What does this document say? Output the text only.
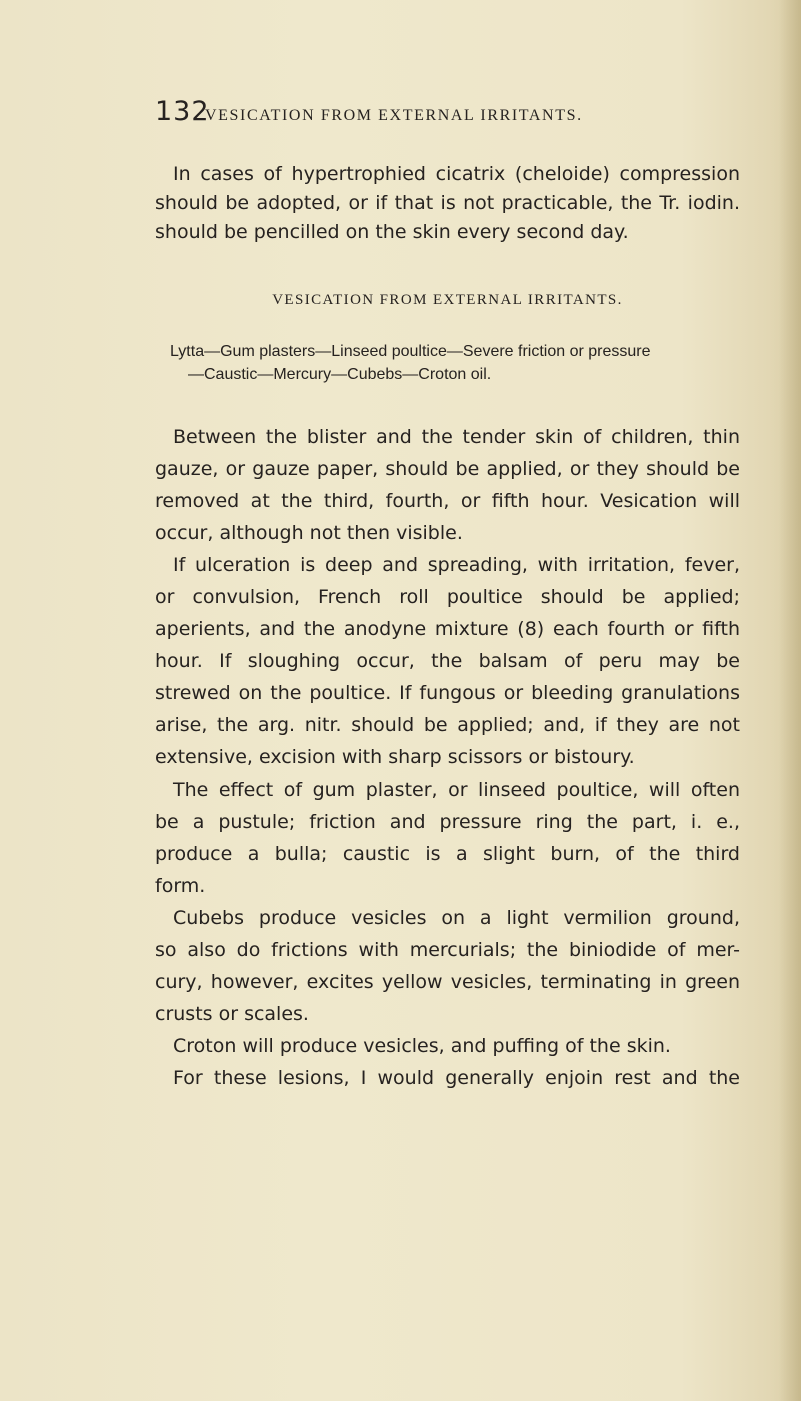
132
VESICATION FROM EXTERNAL IRRITANTS.
In cases of hypertrophied cicatrix (cheloide) compression
should be adopted, or if that is not practicable, the Tr. iodin.
should be pencilled on the skin every second day.
VESICATION FROM EXTERNAL IRRITANTS.
Lytta—Gum plasters—Linseed poultice—Severe friction or pressure
—Caustic—Mercury—Cubebs—Croton oil.
Between the blister and the tender skin of children, thin
gauze, or gauze paper, should be applied, or they should be
removed at the third, fourth, or fifth hour. Vesication will
occur, although not then visible.
If ulceration is deep and spreading, with irritation, fever,
or convulsion, French roll poultice should be applied;
aperients, and the anodyne mixture (8) each fourth or fifth
hour. If sloughing occur, the balsam of peru may be
strewed on the poultice. If fungous or bleeding granulations
arise, the arg. nitr. should be applied; and, if they are not
extensive, excision with sharp scissors or bistoury.
The effect of gum plaster, or linseed poultice, will often
be a pustule; friction and pressure ring the part, i. e.,
produce a bulla; caustic is a slight burn, of the third
form.
Cubebs produce vesicles on a light vermilion ground,
so also do frictions with mercurials; the biniodide of mer-
cury, however, excites yellow vesicles, terminating in green
crusts or scales.
Croton will produce vesicles, and puffing of the skin.
For these lesions, I would generally enjoin rest and the
